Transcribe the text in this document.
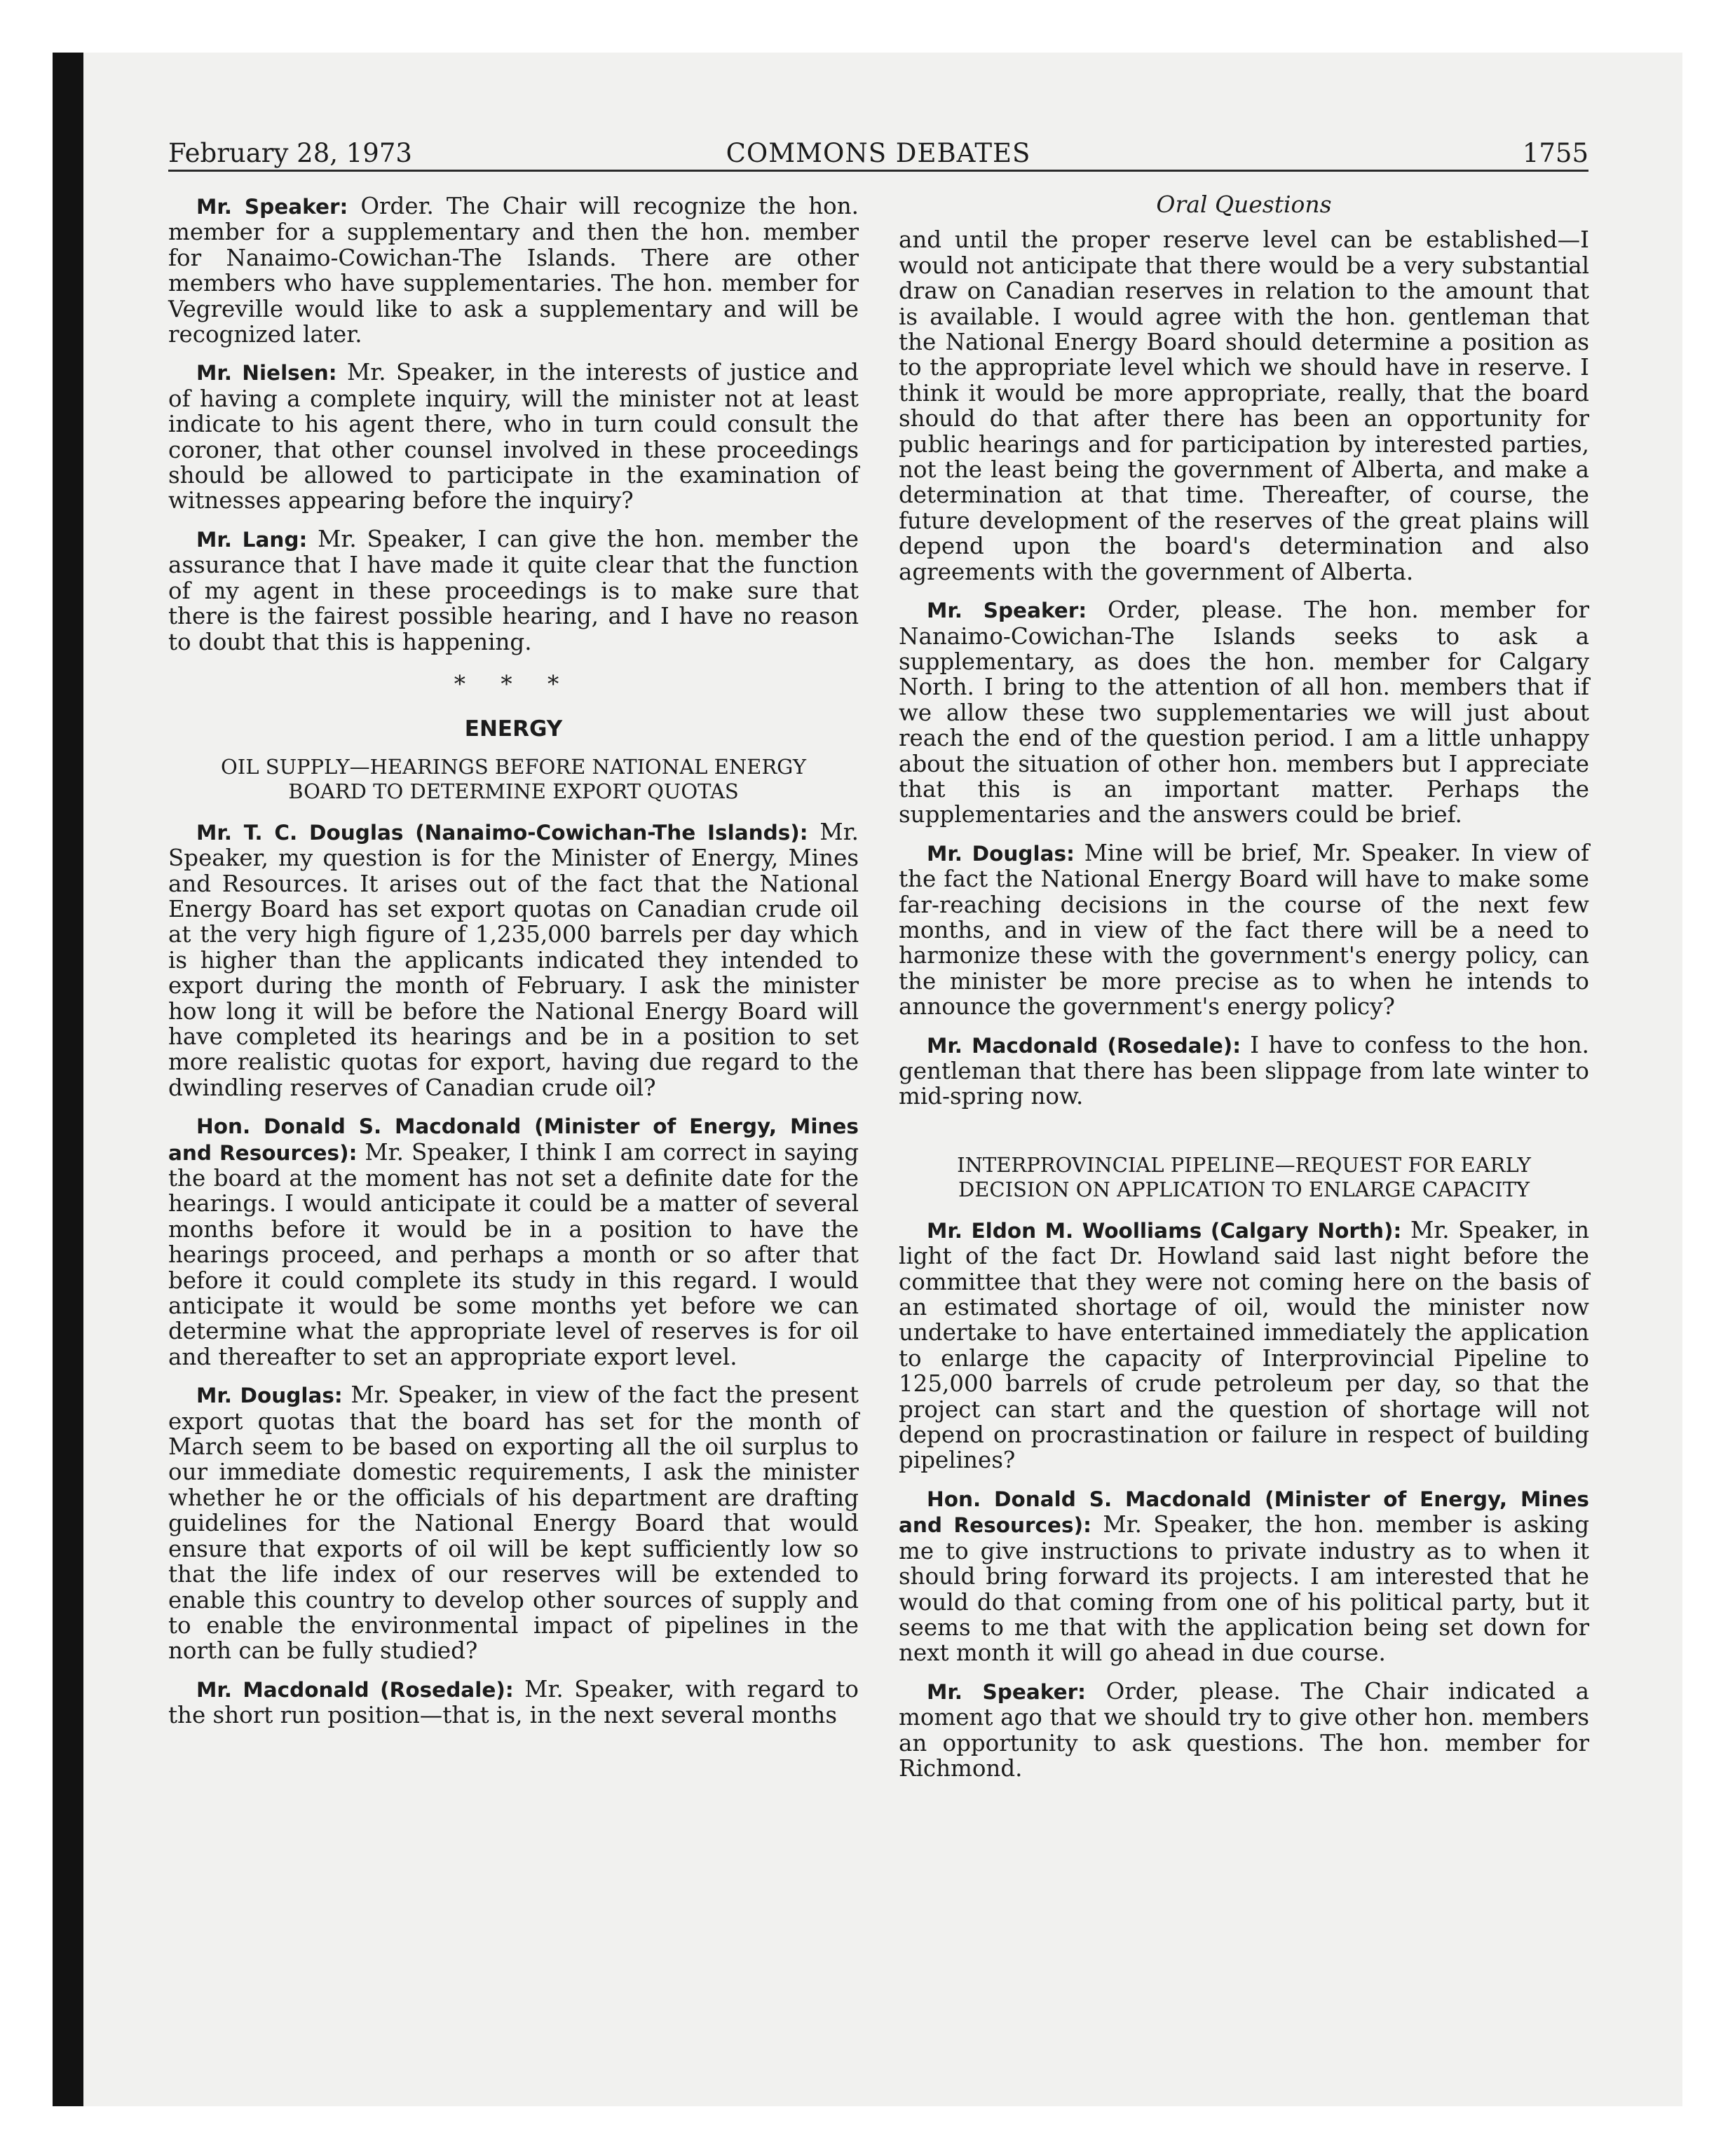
February 28, 1973	COMMONS DEBATES	1755

Mr. Speaker: Order. The Chair will recognize the hon. member for a supplementary and then the hon. member for Nanaimo-Cowichan-The Islands. There are other members who have supplementaries. The hon. member for Vegreville would like to ask a supplementary and will be recognized later.

Mr. Nielsen: Mr. Speaker, in the interests of justice and of having a complete inquiry, will the minister not at least indicate to his agent there, who in turn could consult the coroner, that other counsel involved in these proceedings should be allowed to participate in the examination of witnesses appearing before the inquiry?

Mr. Lang: Mr. Speaker, I can give the hon. member the assurance that I have made it quite clear that the function of my agent in these proceedings is to make sure that there is the fairest possible hearing, and I have no reason to doubt that this is happening.

* * *
ENERGY
OIL SUPPLY—HEARINGS BEFORE NATIONAL ENERGY BOARD TO DETERMINE EXPORT QUOTAS

Mr. T. C. Douglas (Nanaimo-Cowichan-The Islands): Mr. Speaker, my question is for the Minister of Energy, Mines and Resources. It arises out of the fact that the National Energy Board has set export quotas on Canadian crude oil at the very high figure of 1,235,000 barrels per day which is higher than the applicants indicated they intended to export during the month of February. I ask the minister how long it will be before the National Energy Board will have completed its hearings and be in a position to set more realistic quotas for export, having due regard to the dwindling reserves of Canadian crude oil?

Hon. Donald S. Macdonald (Minister of Energy, Mines and Resources): Mr. Speaker, I think I am correct in saying the board at the moment has not set a definite date for the hearings. I would anticipate it could be a matter of several months before it would be in a position to have the hearings proceed, and perhaps a month or so after that before it could complete its study in this regard. I would anticipate it would be some months yet before we can determine what the appropriate level of reserves is for oil and thereafter to set an appropriate export level.

Mr. Douglas: Mr. Speaker, in view of the fact the present export quotas that the board has set for the month of March seem to be based on exporting all the oil surplus to our immediate domestic requirements, I ask the minister whether he or the officials of his department are drafting guidelines for the National Energy Board that would ensure that exports of oil will be kept sufficiently low so that the life index of our reserves will be extended to enable this country to develop other sources of supply and to enable the environmental impact of pipelines in the north can be fully studied?

Mr. Macdonald (Rosedale): Mr. Speaker, with regard to the short run position—that is, in the next several months

Oral Questions

and until the proper reserve level can be established—I would not anticipate that there would be a very substantial draw on Canadian reserves in relation to the amount that is available. I would agree with the hon. gentleman that the National Energy Board should determine a position as to the appropriate level which we should have in reserve. I think it would be more appropriate, really, that the board should do that after there has been an opportunity for public hearings and for participation by interested parties, not the least being the government of Alberta, and make a determination at that time. Thereafter, of course, the future development of the reserves of the great plains will depend upon the board's determination and also agreements with the government of Alberta.

Mr. Speaker: Order, please. The hon. member for Nanaimo-Cowichan-The Islands seeks to ask a supplementary, as does the hon. member for Calgary North. I bring to the attention of all hon. members that if we allow these two supplementaries we will just about reach the end of the question period. I am a little unhappy about the situation of other hon. members but I appreciate that this is an important matter. Perhaps the supplementaries and the answers could be brief.

Mr. Douglas: Mine will be brief, Mr. Speaker. In view of the fact the National Energy Board will have to make some far-reaching decisions in the course of the next few months, and in view of the fact there will be a need to harmonize these with the government's energy policy, can the minister be more precise as to when he intends to announce the government's energy policy?

Mr. Macdonald (Rosedale): I have to confess to the hon. gentleman that there has been slippage from late winter to mid-spring now.

INTERPROVINCIAL PIPELINE—REQUEST FOR EARLY DECISION ON APPLICATION TO ENLARGE CAPACITY

Mr. Eldon M. Woolliams (Calgary North): Mr. Speaker, in light of the fact Dr. Howland said last night before the committee that they were not coming here on the basis of an estimated shortage of oil, would the minister now undertake to have entertained immediately the application to enlarge the capacity of Interprovincial Pipeline to 125,000 barrels of crude petroleum per day, so that the project can start and the question of shortage will not depend on procrastination or failure in respect of building pipelines?

Hon. Donald S. Macdonald (Minister of Energy, Mines and Resources): Mr. Speaker, the hon. member is asking me to give instructions to private industry as to when it should bring forward its projects. I am interested that he would do that coming from one of his political party, but it seems to me that with the application being set down for next month it will go ahead in due course.

Mr. Speaker: Order, please. The Chair indicated a moment ago that we should try to give other hon. members an opportunity to ask questions. The hon. member for Richmond.
